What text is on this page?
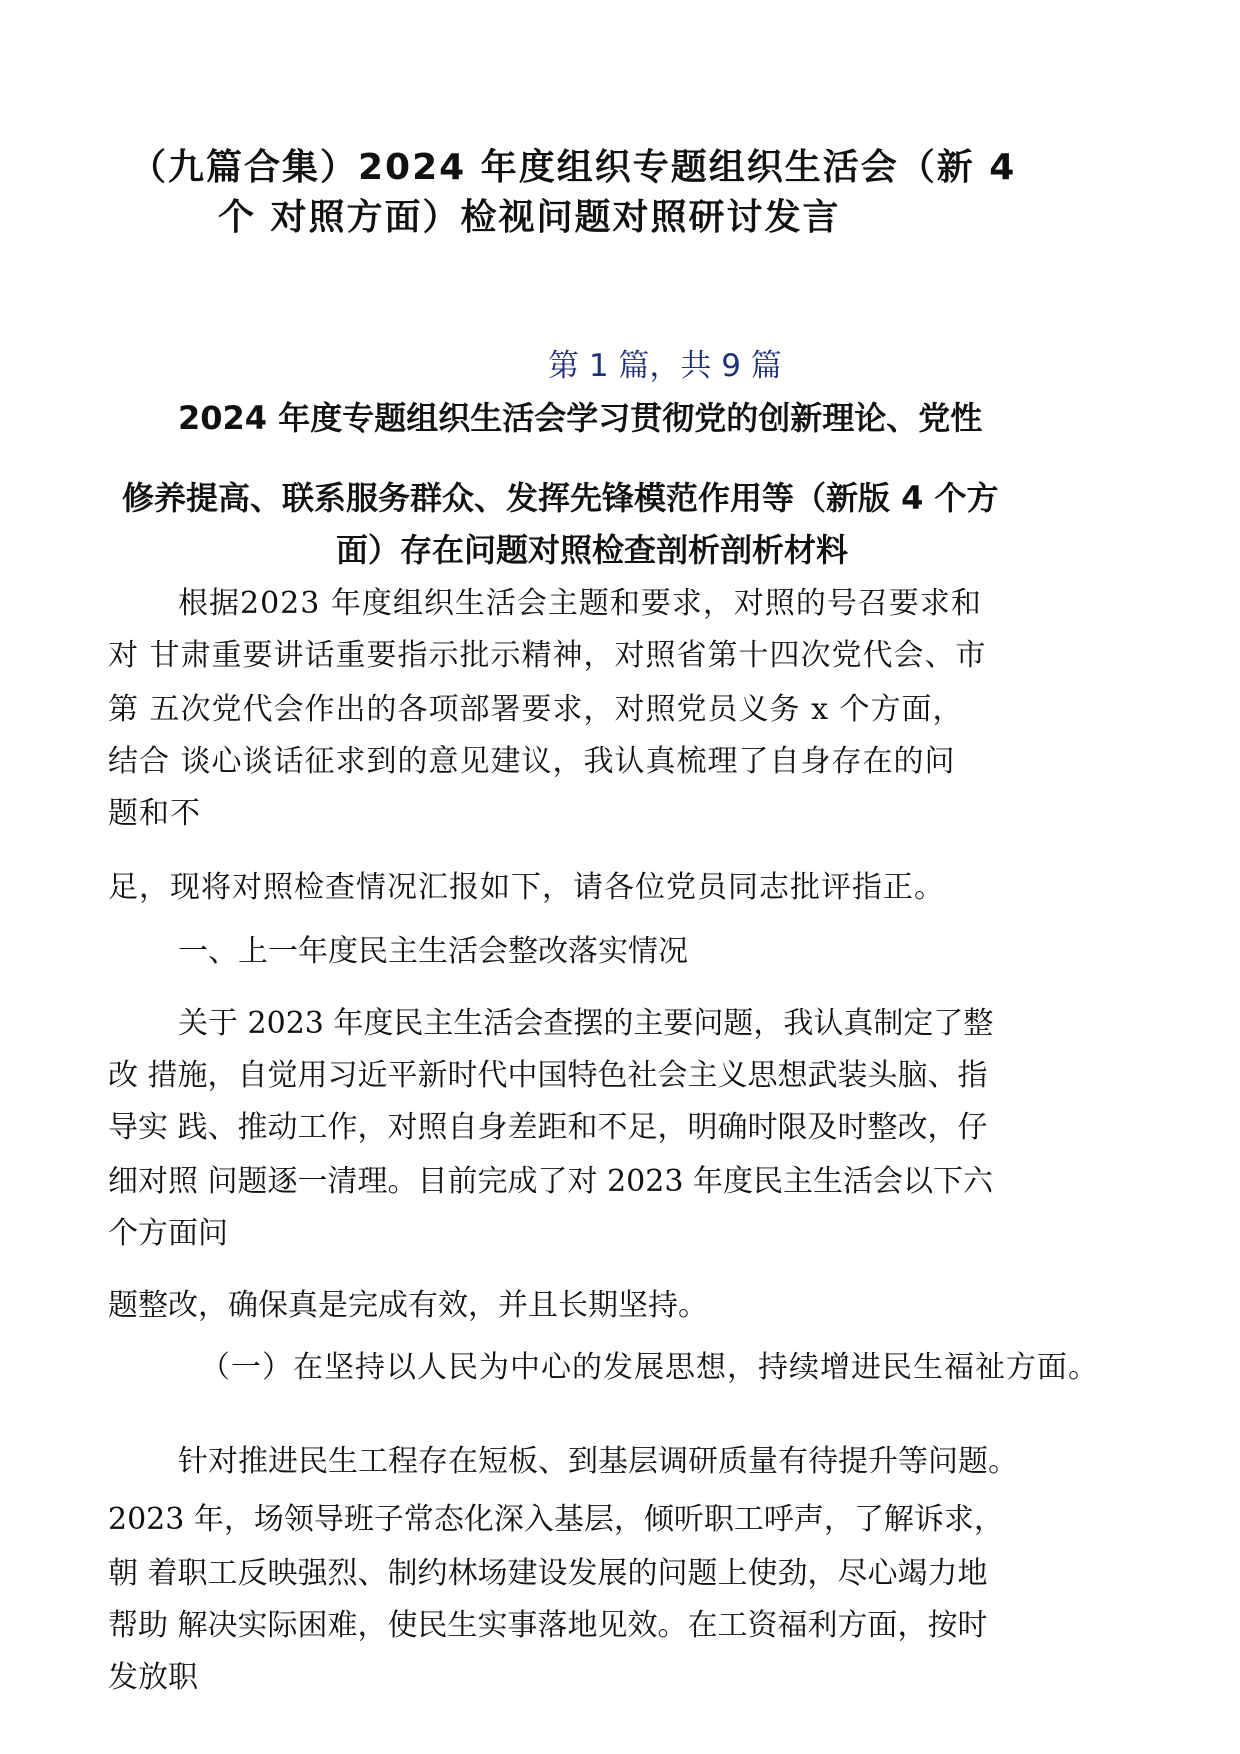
（九篇合集）2024 年度组织专题组织生活会（新 4
个 对照方面）检视问题对照研讨发言
第 1 篇，共 9 篇
2024 年度专题组织生活会学习贯彻党的创新理论、党性
修养提高、联系服务群众、发挥先锋模范作用等（新版 4 个方
面）存在问题对照检查剖析剖析材料
根据2023 年度组织生活会主题和要求，对照的号召要求和
对 甘肃重要讲话重要指示批示精神，对照省第十四次党代会、市
第 五次党代会作出的各项部署要求，对照党员义务 x 个方面，
结合 谈心谈话征求到的意见建议，我认真梳理了自身存在的问
题和不
足，现将对照检查情况汇报如下，请各位党员同志批评指正。
一、上一年度民主生活会整改落实情况
关于 2023 年度民主生活会查摆的主要问题，我认真制定了整
改 措施，自觉用习近平新时代中国特色社会主义思想武装头脑、指
导实 践、推动工作，对照自身差距和不足，明确时限及时整改，仔
细对照 问题逐一清理。目前完成了对 2023 年度民主生活会以下六
个方面问
题整改，确保真是完成有效，并且长期坚持。
（一）在坚持以人民为中心的发展思想，持续增进民生福祉方面。
针对推进民生工程存在短板、到基层调研质量有待提升等问题。
2023 年，场领导班子常态化深入基层，倾听职工呼声，了解诉求，
朝 着职工反映强烈、制约林场建设发展的问题上使劲，尽心竭力地
帮助 解决实际困难，使民生实事落地见效。在工资福利方面，按时
发放职
